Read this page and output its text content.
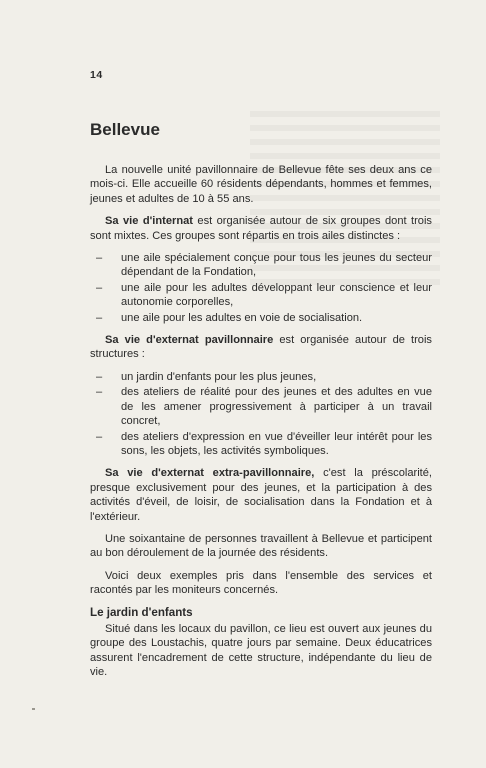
14
Bellevue

La nouvelle unité pavillonnaire de Bellevue fête ses deux ans ce mois-ci. Elle accueille 60 résidents dépendants, hommes et femmes, jeunes et adultes de 10 à 55 ans.

Sa vie d'internat est organisée autour de six groupes dont trois sont mixtes. Ces groupes sont répartis en trois ailes distinctes :

– une aile spécialement conçue pour tous les jeunes du secteur dépendant de la Fondation,
– une aile pour les adultes développant leur conscience et leur autonomie corporelles,
– une aile pour les adultes en voie de socialisation.

Sa vie d'externat pavillonnaire est organisée autour de trois structures :

– un jardin d'enfants pour les plus jeunes,
– des ateliers de réalité pour des jeunes et des adultes en vue de les amener progressivement à participer à un travail concret,
– des ateliers d'expression en vue d'éveiller leur intérêt pour les sons, les objets, les activités symboliques.

Sa vie d'externat extra-pavillonnaire, c'est la préscolarité, presque exclusivement pour des jeunes, et la participation à des activités d'éveil, de loisir, de socialisation dans la Fondation et à l'extérieur.

Une soixantaine de personnes travaillent à Bellevue et participent au bon déroulement de la journée des résidents.

Voici deux exemples pris dans l'ensemble des services et racontés par les moniteurs concernés.

Le jardin d'enfants

Situé dans les locaux du pavillon, ce lieu est ouvert aux jeunes du groupe des Loustachis, quatre jours par semaine. Deux éducatrices assurent l'encadrement de cette structure, indépendante du lieu de vie.
